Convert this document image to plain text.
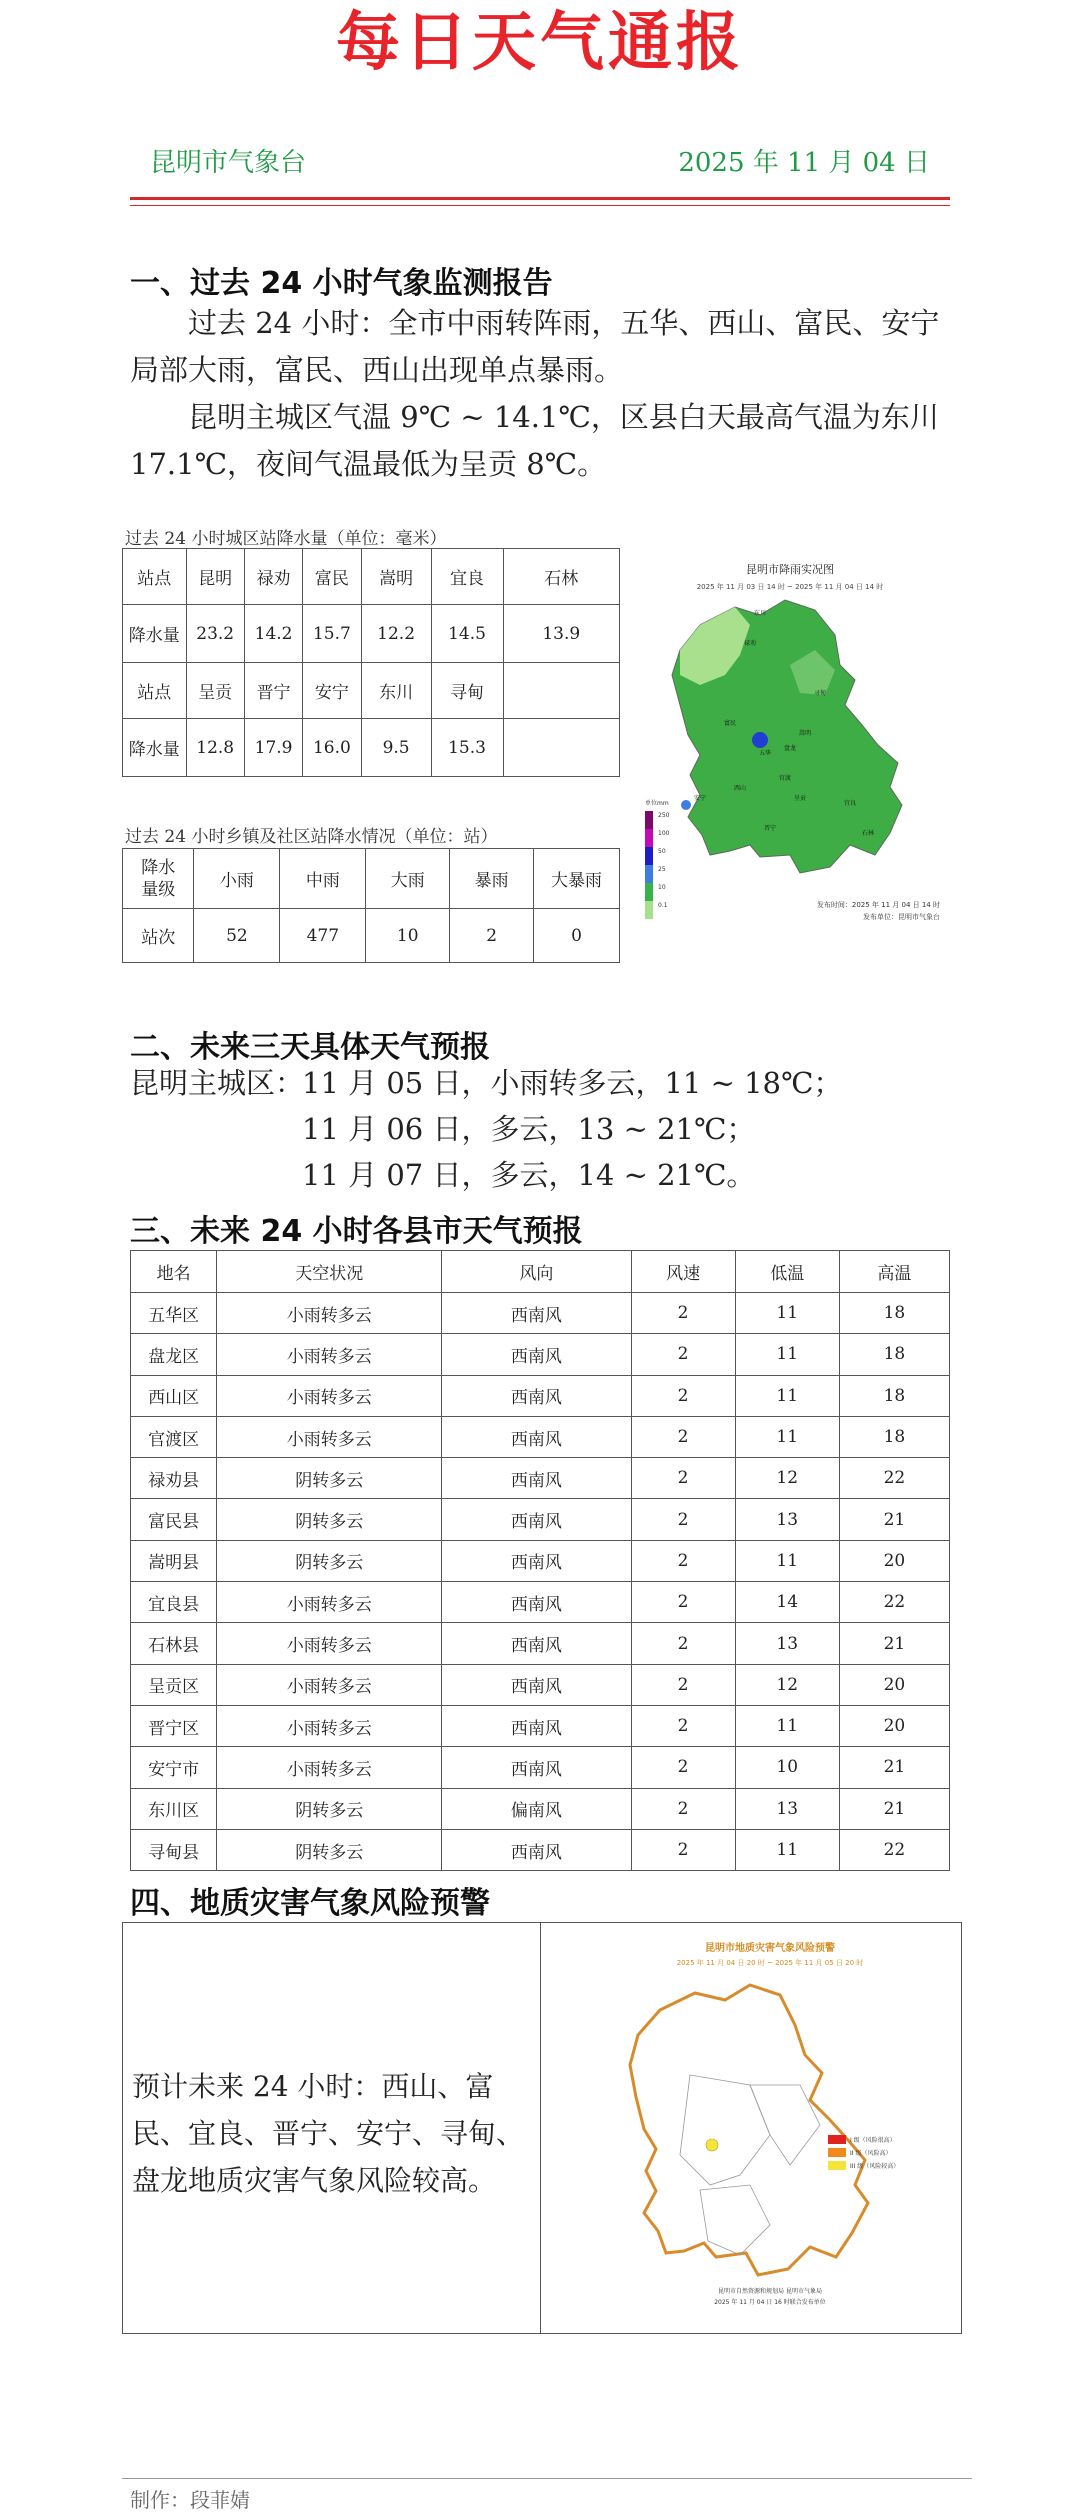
每日天气通报
昆明市气象台	2025 年 11 月 04 日
一、过去 24 小时气象监测报告
过去 24 小时：全市中雨转阵雨，五华、西山、富民、安宁局部大雨，富民、西山出现单点暴雨。
昆明主城区气温 9℃ ~ 14.1℃，区县白天最高气温为东川 17.1℃，夜间气温最低为呈贡 8℃。
过去 24 小时城区站降水量（单位：毫米）
站点	昆明	禄劝	富民	嵩明	宜良	石林
降水量	23.2	14.2	15.7	12.2	14.5	13.9
站点	呈贡	晋宁	安宁	东川	寻甸	
降水量	12.8	17.9	16.0	9.5	15.3	
过去 24 小时乡镇及社区站降水情况（单位：站）
降水量级	小雨	中雨	大雨	暴雨	大暴雨
站次	52	477	10	2	0
昆明市降雨实况图
2025 年 11 月 03 日 14 时 ~ 2025 年 11 月 04 日 14 时
禄劝
寻甸
嵩明
富民
五华
盘龙
官渡
西山
呈贡
宜良
石林
晋宁
安宁
东川
单位mm
250
100
50
25
10
0.1	发布时间：2025 年 11 月 04 日 14 时
发布单位：昆明市气象台
二、未来三天具体天气预报
昆明主城区：
11 月 05 日，小雨转多云，11 ~ 18℃；
11 月 06 日，多云，13 ~ 21℃；
11 月 07 日，多云，14 ~ 21℃。
三、未来 24 小时各县市天气预报
地名	天空状况	风向	风速	低温	高温
五华区	小雨转多云	西南风	2	11	18
盘龙区	小雨转多云	西南风	2	11	18
西山区	小雨转多云	西南风	2	11	18
官渡区	小雨转多云	西南风	2	11	18
禄劝县	阴转多云	西南风	2	12	22
富民县	阴转多云	西南风	2	13	21
嵩明县	阴转多云	西南风	2	11	20
宜良县	小雨转多云	西南风	2	14	22
石林县	小雨转多云	西南风	2	13	21
呈贡区	小雨转多云	西南风	2	12	20
晋宁区	小雨转多云	西南风	2	11	20
安宁市	小雨转多云	西南风	2	10	21
东川区	阴转多云	偏南风	2	13	21
寻甸县	阴转多云	西南风	2	11	22
四、地质灾害气象风险预警
预计未来 24 小时：西山、富民、宜良、晋宁、安宁、寻甸、盘龙地质灾害气象风险较高。
昆明市地质灾害气象风险预警
2025 年 11 月 04 日 20 时 ~ 2025 年 11 月 05 日 20 时
I 级（风险很高）
II 级（风险高）
III 级（风险较高）
昆明市自然资源和规划局 昆明市气象局
2025 年 11 月 04 日 16 时联合发布单位
制作：段菲婧
